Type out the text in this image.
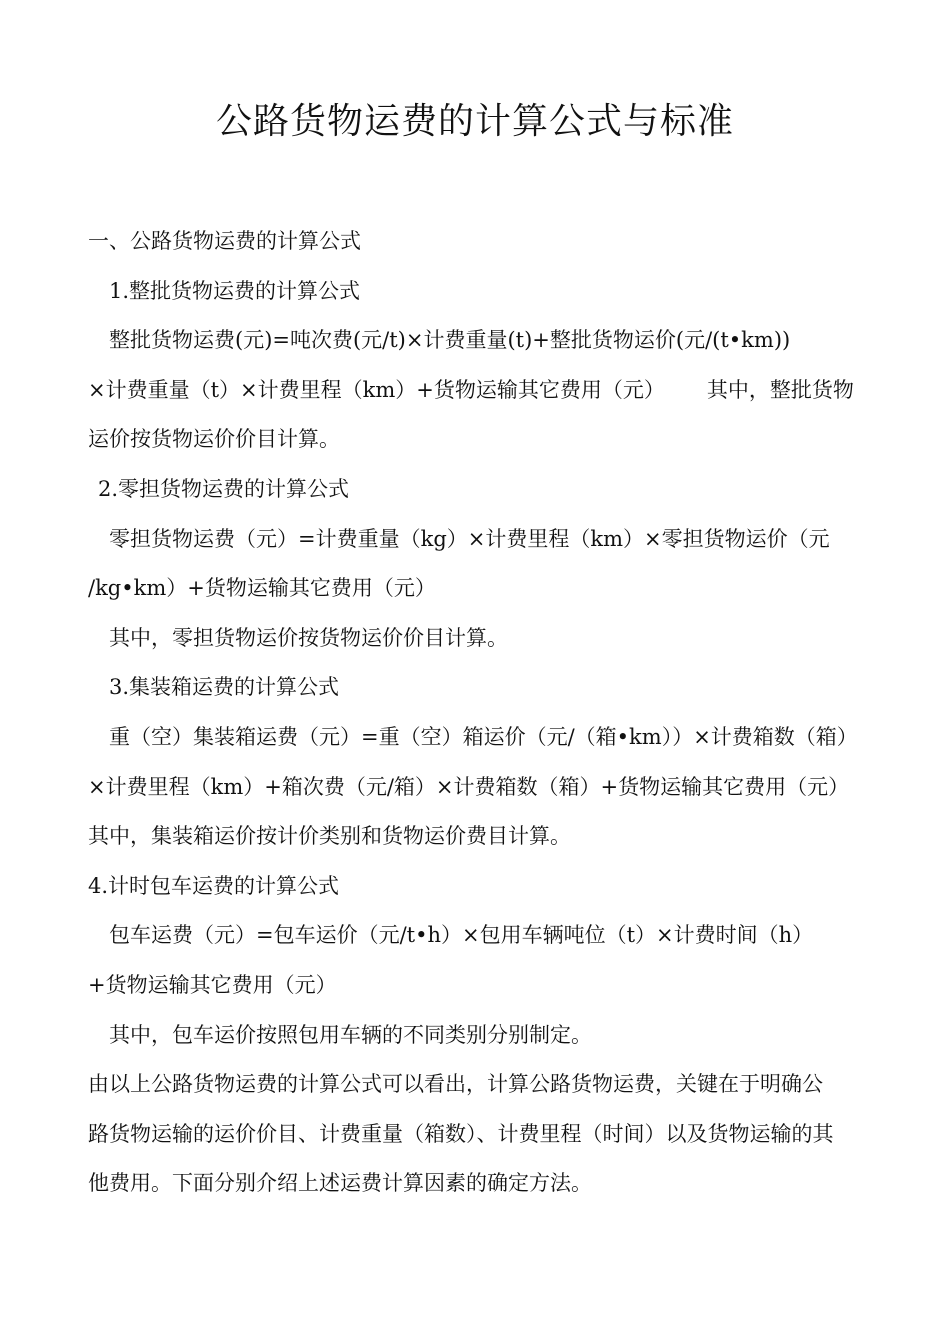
公路货物运费的计算公式与标准
一、公路货物运费的计算公式
1.整批货物运费的计算公式
整批货物运费(元)=吨次费(元/t)×计费重量(t)+整批货物运价(元/(t•km))
×计费重量（t）×计费里程（km）+货物运输其它费用（元） 其中，整批货物
运价按货物运价价目计算。
2.零担货物运费的计算公式
零担货物运费（元）=计费重量（kg）×计费里程（km）×零担货物运价（元
/kg•km）+货物运输其它费用（元）
其中，零担货物运价按货物运价价目计算。
3.集装箱运费的计算公式
重（空）集装箱运费（元）=重（空）箱运价（元/（箱•km））×计费箱数（箱）
×计费里程（km）+箱次费（元/箱）×计费箱数（箱）+货物运输其它费用（元）
其中，集装箱运价按计价类别和货物运价费目计算。
4.计时包车运费的计算公式
包车运费（元）=包车运价（元/t•h）×包用车辆吨位（t）×计费时间（h）
+货物运输其它费用（元）
其中，包车运价按照包用车辆的不同类别分别制定。
由以上公路货物运费的计算公式可以看出，计算公路货物运费，关键在于明确公
路货物运输的运价价目、计费重量（箱数）、计费里程（时间）以及货物运输的其
他费用。下面分别介绍上述运费计算因素的确定方法。
